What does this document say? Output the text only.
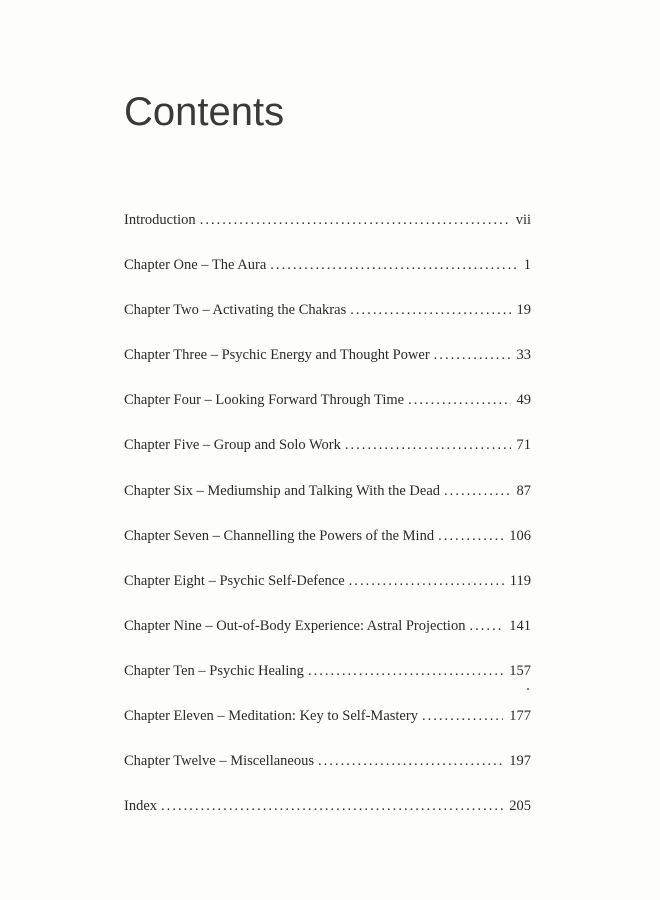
Contents
Introduction . . .	vii
Chapter One – The Aura . . .	1
Chapter Two – Activating the Chakras . . .	19
Chapter Three – Psychic Energy and Thought Power . . .	33
Chapter Four – Looking Forward Through Time . . .	49
Chapter Five – Group and Solo Work . . .	71
Chapter Six – Mediumship and Talking With the Dead . . .	87
Chapter Seven – Channelling the Powers of the Mind . . .	106
Chapter Eight – Psychic Self-Defence . . .	119
Chapter Nine – Out-of-Body Experience: Astral Projection . . .	141
Chapter Ten – Psychic Healing . . .	157
Chapter Eleven – Meditation: Key to Self-Mastery . . .	177
Chapter Twelve – Miscellaneous . . .	197
Index . . .	205
